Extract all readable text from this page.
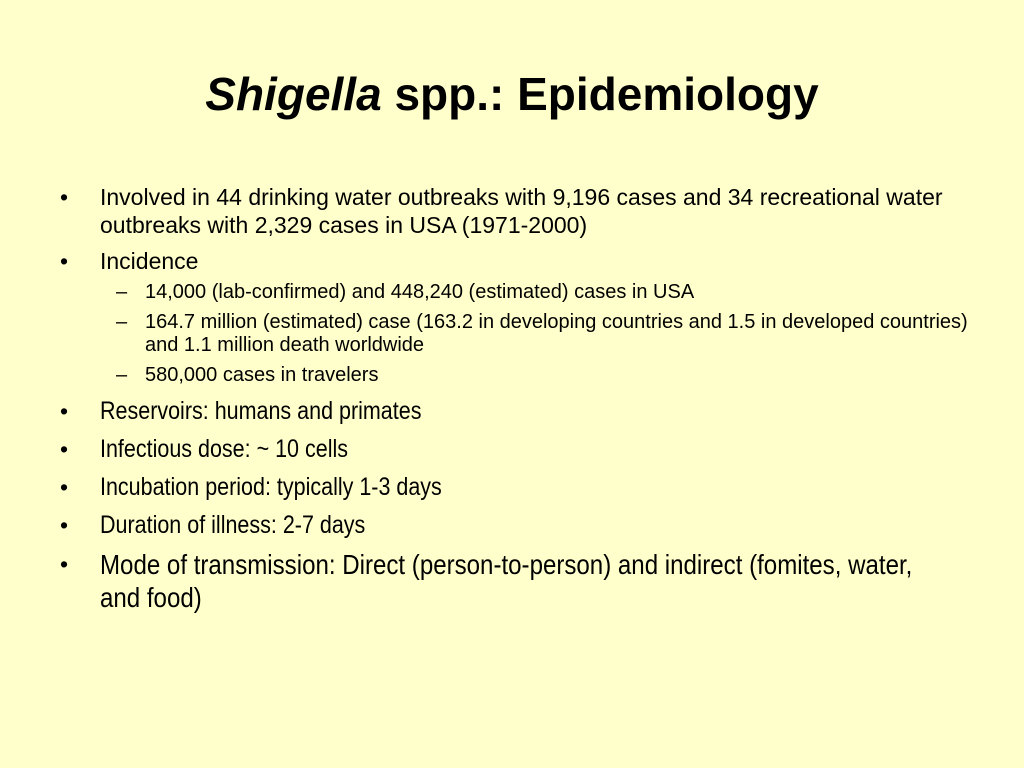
Shigella spp.: Epidemiology
• Involved in 44 drinking water outbreaks with 9,196 cases and 34 recreational water outbreaks with 2,329 cases in USA (1971-2000)
• Incidence
– 14,000 (lab-confirmed) and 448,240 (estimated) cases in USA
– 164.7 million (estimated) case (163.2 in developing countries and 1.5 in developed countries) and 1.1 million death worldwide
– 580,000 cases in travelers
• Reservoirs: humans and primates
• Infectious dose: ~ 10 cells
• Incubation period: typically 1-3 days
• Duration of illness: 2-7 days
• Mode of transmission: Direct (person-to-person) and indirect (fomites, water, and food)
